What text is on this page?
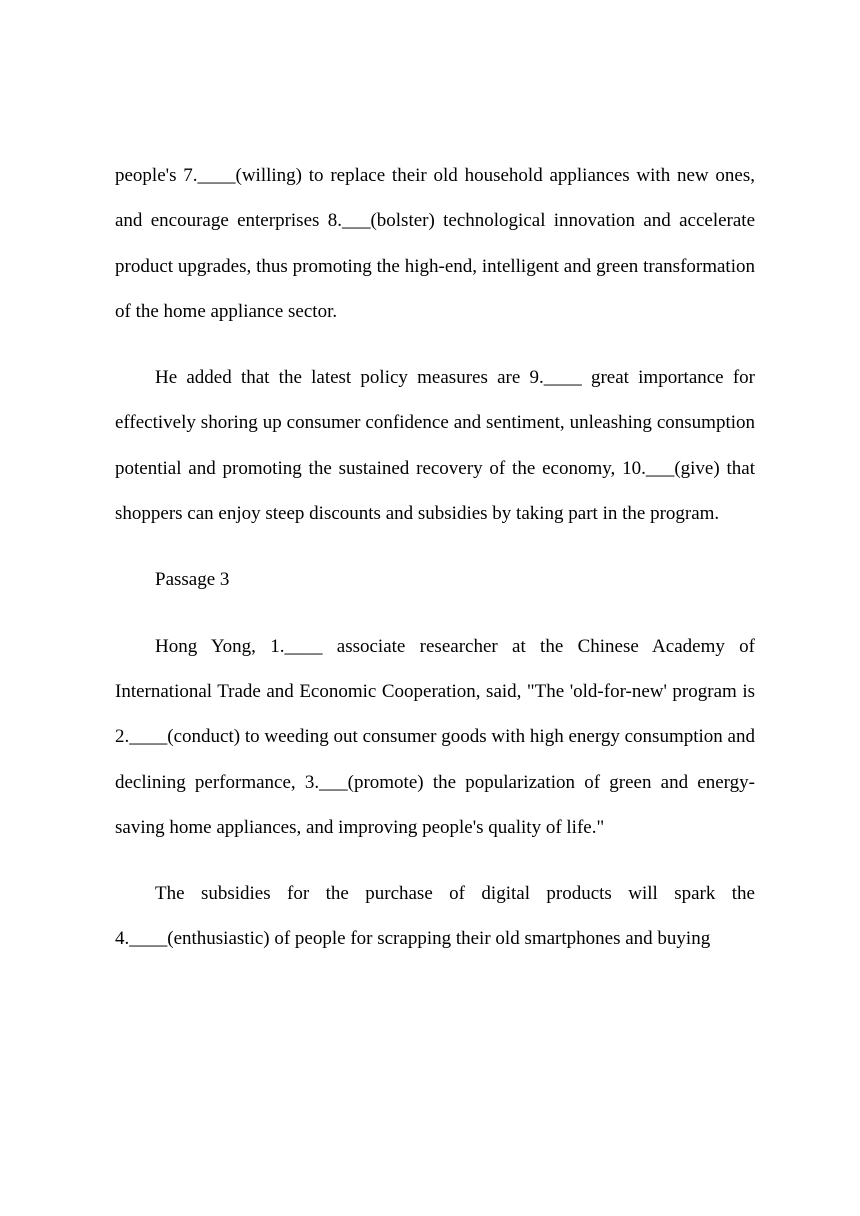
people's 7.____(willing) to replace their old household appliances with new ones, and encourage enterprises 8.___(bolster) technological innovation and accelerate product upgrades, thus promoting the high-end, intelligent and green transformation of the home appliance sector.

He added that the latest policy measures are 9.____ great importance for effectively shoring up consumer confidence and sentiment, unleashing consumption potential and promoting the sustained recovery of the economy, 10.___(give) that shoppers can enjoy steep discounts and subsidies by taking part in the program.

Passage 3

Hong Yong, 1.____ associate researcher at the Chinese Academy of International Trade and Economic Cooperation, said, "The 'old-for-new' program is 2.____(conduct) to weeding out consumer goods with high energy consumption and declining performance, 3.___(promote) the popularization of green and energy-saving home appliances, and improving people's quality of life."

The subsidies for the purchase of digital products will spark the 4.____(enthusiastic) of people for scrapping their old smartphones and buying
